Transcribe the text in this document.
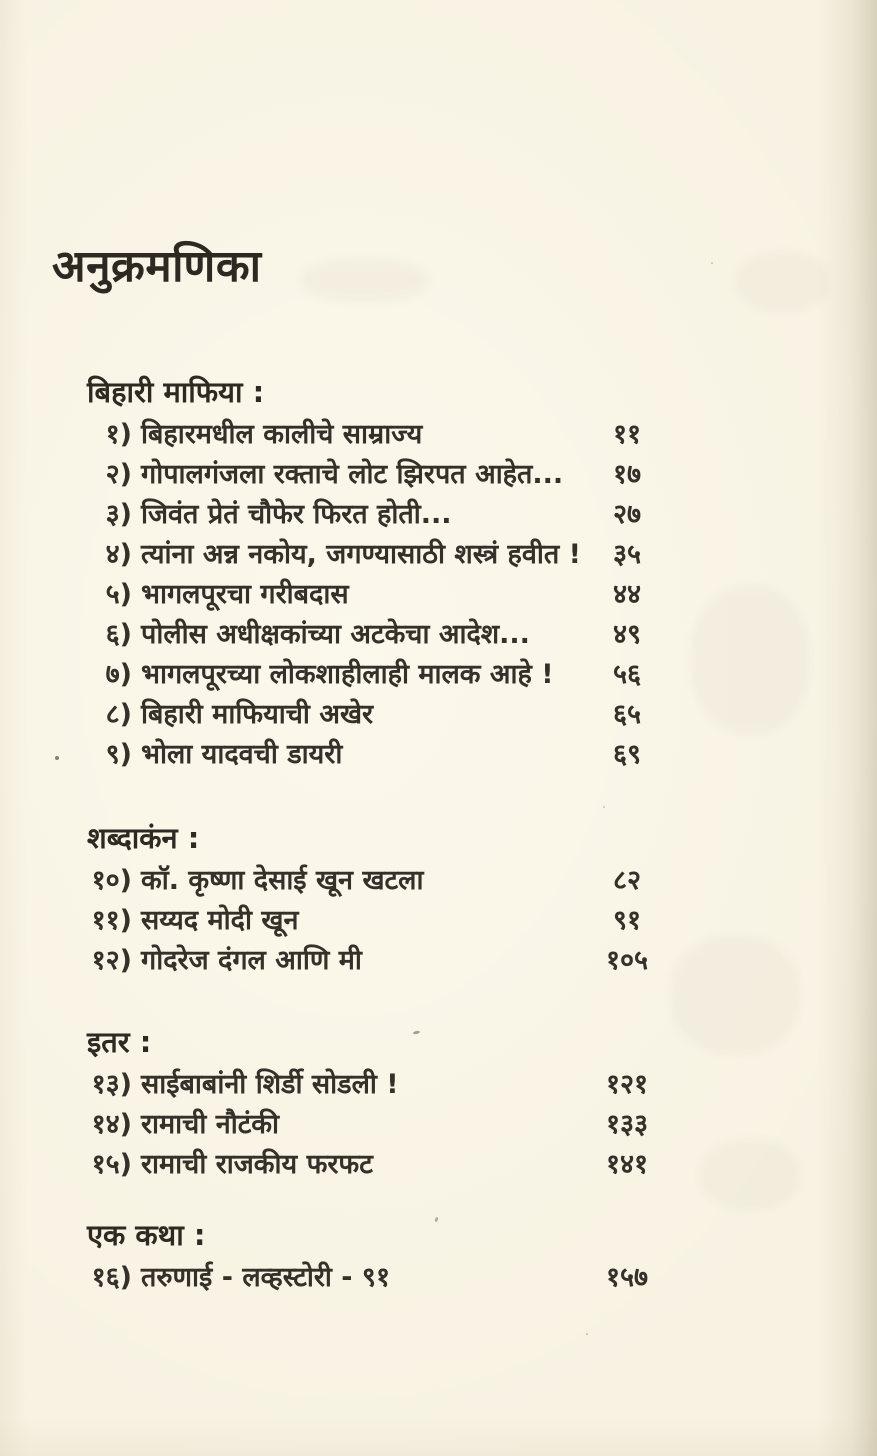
अनुक्रमणिका
बिहारी माफिया :
१) बिहारमधील कालीचे साम्राज्य	११
२) गोपालगंजला रक्ताचे लोट झिरपत आहेत...	१७
३) जिवंत प्रेतं चौफेर फिरत होती...	२७
४) त्यांना अन्न नकोय, जगण्यासाठी शस्त्रं हवीत !	३५
५) भागलपूरचा गरीबदास	४४
६) पोलीस अधीक्षकांच्या अटकेचा आदेश...	४९
७) भागलपूरच्या लोकशाहीलाही मालक आहे !	५६
८) बिहारी माफियाची अखेर	६५
९) भोला यादवची डायरी	६९
शब्दाकंन :
१०) कॉ. कृष्णा देसाई खून खटला	८२
११) सय्यद मोदी खून	९१
१२) गोदरेज दंगल आणि मी	१०५
इतर :
१३) साईबाबांनी शिर्डी सोडली !	१२१
१४) रामाची नौटंकी	१३३
१५) रामाची राजकीय फरफट	१४१
एक कथा :
१६) तरुणाई - लव्हस्टोरी - ९१	१५७
